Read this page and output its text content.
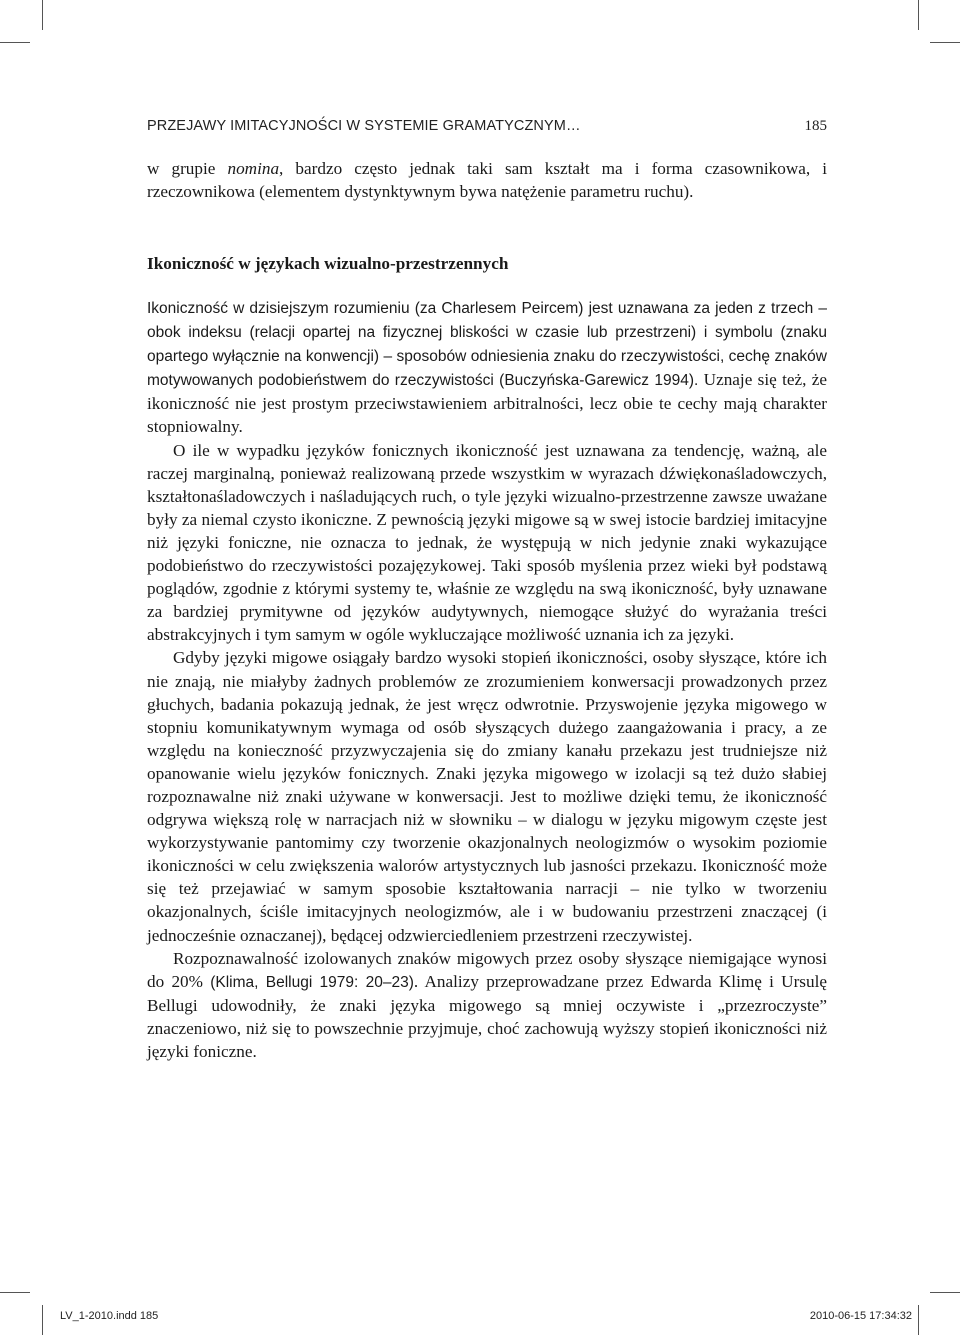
PRZEJAWY IMITACYJNOŚCI W SYSTEMIE GRAMATYCZNYM…	185

w grupie nomina, bardzo często jednak taki sam kształt ma i forma czasownikowa, i rzeczownikowa (elementem dystynktywnym bywa natężenie parametru ruchu).

Ikoniczność w językach wizualno-przestrzennych

Ikoniczność w dzisiejszym rozumieniu (za Charlesem Peircem) jest uznawana za jeden z trzech – obok indeksu (relacji opartej na fizycznej bliskości w czasie lub przestrzeni) i symbolu (znaku opartego wyłącznie na konwencji) – sposobów odniesienia znaku do rzeczywistości, cechę znaków motywowanych podobieństwem do rzeczywistości (Buczyńska-Garewicz 1994). Uznaje się też, że ikoniczność nie jest prostym przeciwstawieniem arbitralności, lecz obie te cechy mają charakter stopniowalny.

O ile w wypadku języków fonicznych ikoniczność jest uznawana za tendencję, ważną, ale raczej marginalną, ponieważ realizowaną przede wszystkim w wyrazach dźwiękonaśladowczych, kształtonaśladowczych i naśladujących ruch, o tyle języki wizualno-przestrzenne zawsze uważane były za niemal czysto ikoniczne. Z pewnością języki migowe są w swej istocie bardziej imitacyjne niż języki foniczne, nie oznacza to jednak, że występują w nich jedynie znaki wykazujące podobieństwo do rzeczywistości pozajęzykowej. Taki sposób myślenia przez wieki był podstawą poglądów, zgodnie z którymi systemy te, właśnie ze względu na swą ikoniczność, były uznawane za bardziej prymitywne od języków audytywnych, niemogące służyć do wyrażania treści abstrakcyjnych i tym samym w ogóle wykluczające możliwość uznania ich za języki.

Gdyby języki migowe osiągały bardzo wysoki stopień ikoniczności, osoby słyszące, które ich nie znają, nie miałyby żadnych problemów ze zrozumieniem konwersacji prowadzonych przez głuchych, badania pokazują jednak, że jest wręcz odwrotnie. Przyswojenie języka migowego w stopniu komunikatywnym wymaga od osób słyszących dużego zaangażowania i pracy, a ze względu na konieczność przyzwyczajenia się do zmiany kanału przekazu jest trudniejsze niż opanowanie wielu języków fonicznych. Znaki języka migowego w izolacji są też dużo słabiej rozpoznawalne niż znaki używane w konwersacji. Jest to możliwe dzięki temu, że ikoniczność odgrywa większą rolę w narracjach niż w słowniku – w dialogu w języku migowym częste jest wykorzystywanie pantomimy czy tworzenie okazjonalnych neologizmów o wysokim poziomie ikoniczności w celu zwiększenia walorów artystycznych lub jasności przekazu. Ikoniczność może się też przejawiać w samym sposobie kształtowania narracji – nie tylko w tworzeniu okazjonalnych, ściśle imitacyjnych neologizmów, ale i w budowaniu przestrzeni znaczącej (i jednocześnie oznaczanej), będącej odzwierciedleniem przestrzeni rzeczywistej.

Rozpoznawalność izolowanych znaków migowych przez osoby słyszące niemigające wynosi do 20% (Klima, Bellugi 1979: 20–23). Analizy przeprowadzane przez Edwarda Klimę i Ursulę Bellugi udowodniły, że znaki języka migowego są mniej oczywiste i „przezroczyste” znaczeniowo, niż się to powszechnie przyjmuje, choć zachowują wyższy stopień ikoniczności niż języki foniczne.

LV_1-2010.indd 185	2010-06-15 17:34:32
